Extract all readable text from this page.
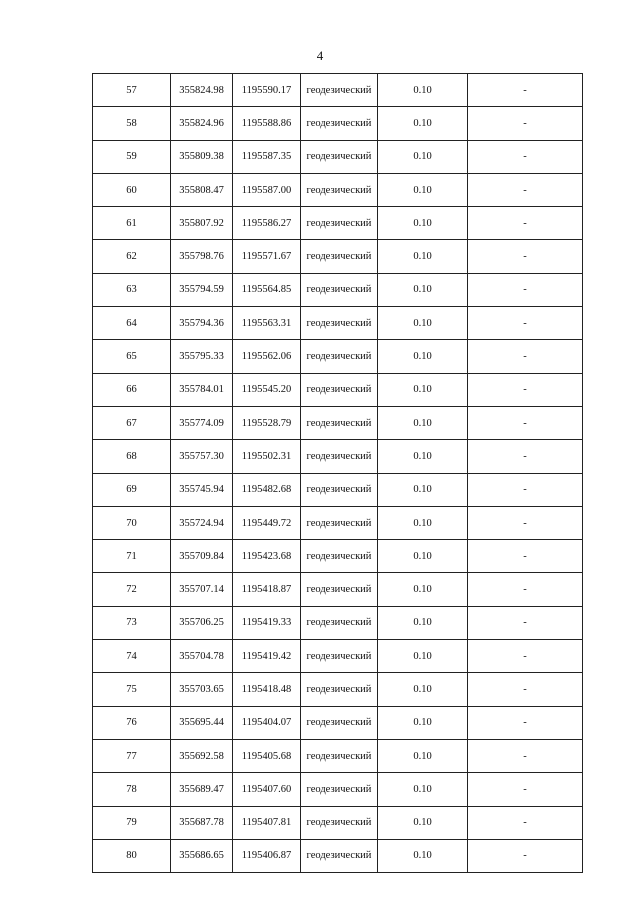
4
57	355824.98	1195590.17	геодезический	0.10	-
58	355824.96	1195588.86	геодезический	0.10	-
59	355809.38	1195587.35	геодезический	0.10	-
60	355808.47	1195587.00	геодезический	0.10	-
61	355807.92	1195586.27	геодезический	0.10	-
62	355798.76	1195571.67	геодезический	0.10	-
63	355794.59	1195564.85	геодезический	0.10	-
64	355794.36	1195563.31	геодезический	0.10	-
65	355795.33	1195562.06	геодезический	0.10	-
66	355784.01	1195545.20	геодезический	0.10	-
67	355774.09	1195528.79	геодезический	0.10	-
68	355757.30	1195502.31	геодезический	0.10	-
69	355745.94	1195482.68	геодезический	0.10	-
70	355724.94	1195449.72	геодезический	0.10	-
71	355709.84	1195423.68	геодезический	0.10	-
72	355707.14	1195418.87	геодезический	0.10	-
73	355706.25	1195419.33	геодезический	0.10	-
74	355704.78	1195419.42	геодезический	0.10	-
75	355703.65	1195418.48	геодезический	0.10	-
76	355695.44	1195404.07	геодезический	0.10	-
77	355692.58	1195405.68	геодезический	0.10	-
78	355689.47	1195407.60	геодезический	0.10	-
79	355687.78	1195407.81	геодезический	0.10	-
80	355686.65	1195406.87	геодезический	0.10	-
